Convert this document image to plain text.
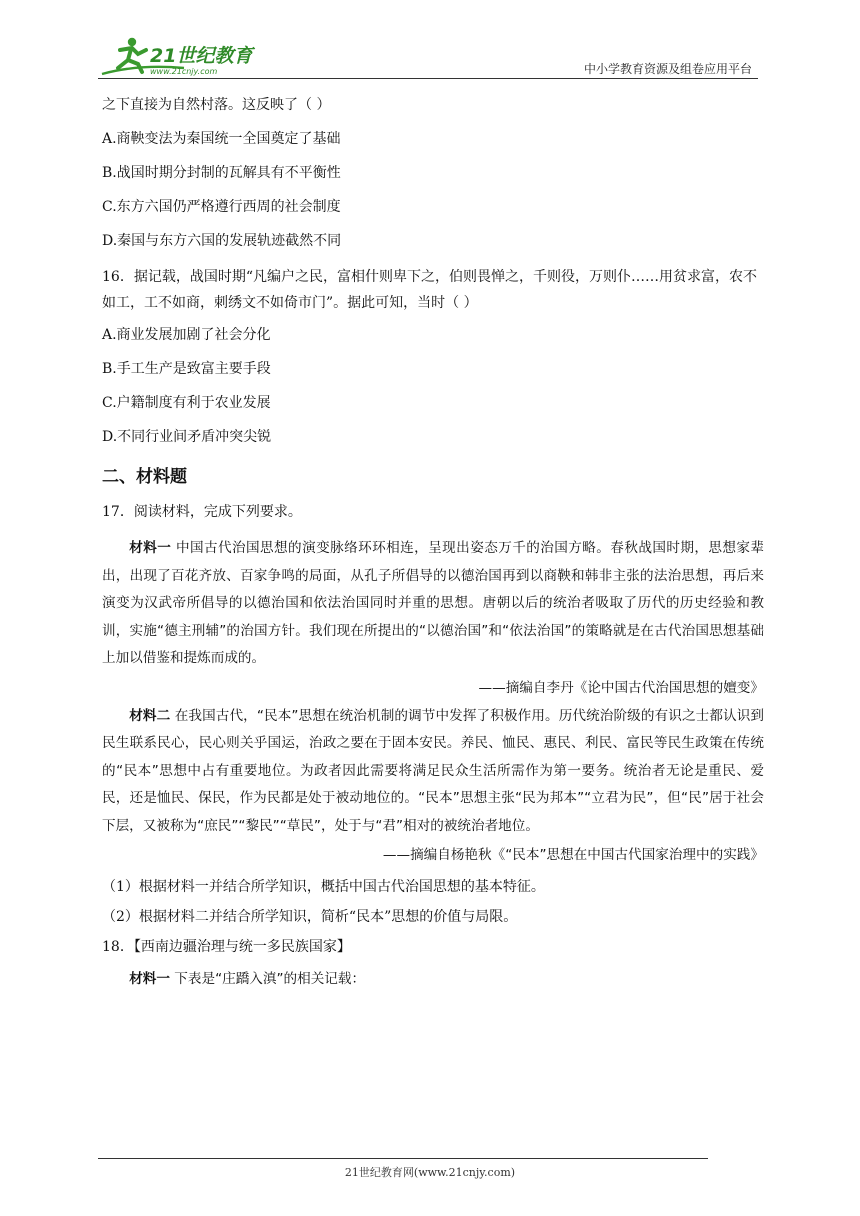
21世纪教育
www.21cnjy.com	中小学教育资源及组卷应用平台

之下直接为自然村落。这反映了（ ）

A.商鞅变法为秦国统一全国奠定了基础

B.战国时期分封制的瓦解具有不平衡性

C.东方六国仍严格遵行西周的社会制度

D.秦国与东方六国的发展轨迹截然不同

16．据记载，战国时期“凡编户之民，富相什则卑下之，伯则畏惮之，千则役，万则仆……用贫求富，农不如工，工不如商，刺绣文不如倚市门”。据此可知，当时（ ）

A.商业发展加剧了社会分化

B.手工生产是致富主要手段

C.户籍制度有利于农业发展

D.不同行业间矛盾冲突尖锐

二、材料题

17．阅读材料，完成下列要求。

材料一 中国古代治国思想的演变脉络环环相连，呈现出姿态万千的治国方略。春秋战国时期，思想家辈出，出现了百花齐放、百家争鸣的局面，从孔子所倡导的以德治国再到以商鞅和韩非主张的法治思想，再后来演变为汉武帝所倡导的以德治国和依法治国同时并重的思想。唐朝以后的统治者吸取了历代的历史经验和教训，实施“德主刑辅”的治国方针。我们现在所提出的“以德治国”和“依法治国”的策略就是在古代治国思想基础上加以借鉴和提炼而成的。

——摘编自李丹《论中国古代治国思想的嬗变》

材料二 在我国古代，“民本”思想在统治机制的调节中发挥了积极作用。历代统治阶级的有识之士都认识到民生联系民心，民心则关乎国运，治政之要在于固本安民。养民、恤民、惠民、利民、富民等民生政策在传统的“民本”思想中占有重要地位。为政者因此需要将满足民众生活所需作为第一要务。统治者无论是重民、爱民，还是恤民、保民，作为民都是处于被动地位的。“民本”思想主张“民为邦本”“立君为民”，但“民”居于社会下层，又被称为“庶民”“黎民”“草民”，处于与“君”相对的被统治者地位。

——摘编自杨艳秋《“民本”思想在中国古代国家治理中的实践》

（1）根据材料一并结合所学知识，概括中国古代治国思想的基本特征。

（2）根据材料二并结合所学知识，简析“民本”思想的价值与局限。

18．【西南边疆治理与统一多民族国家】

材料一 下表是“庄蹻入滇”的相关记载：

21世纪教育网(www.21cnjy.com)
